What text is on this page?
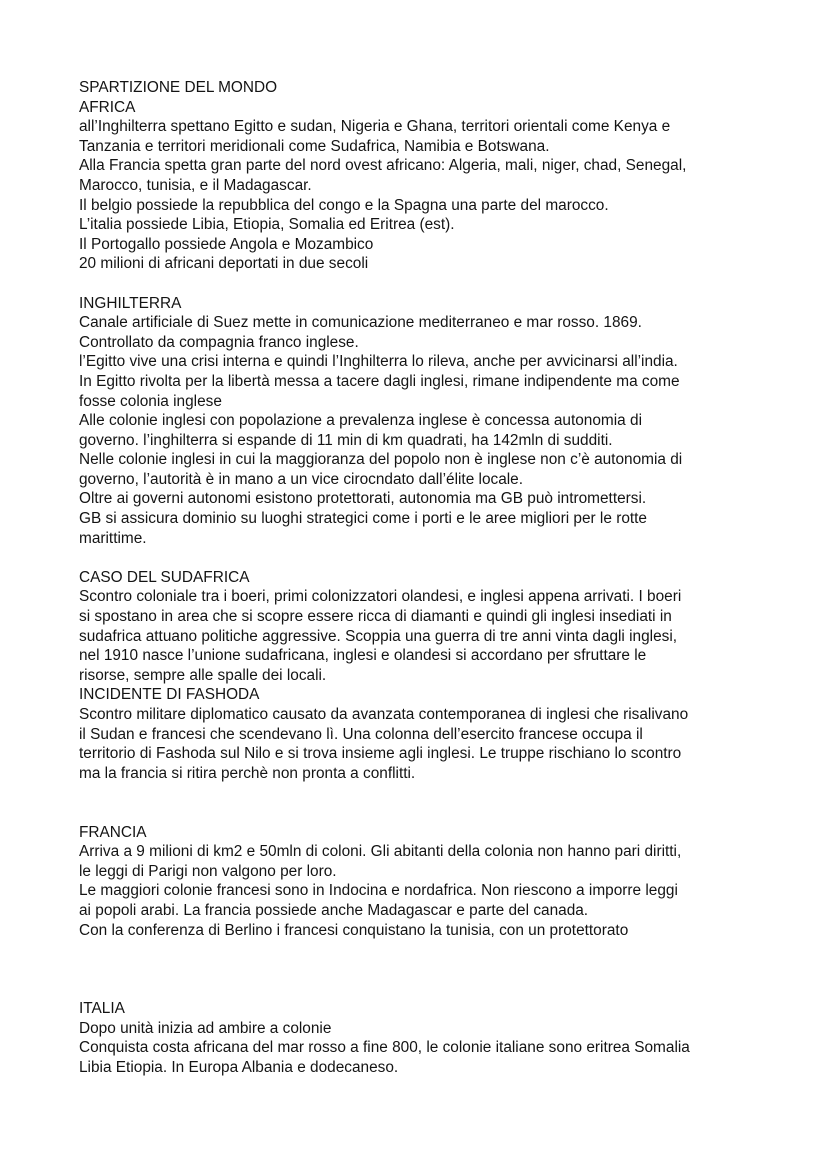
SPARTIZIONE DEL MONDO

AFRICA

all’Inghilterra spettano Egitto e sudan, Nigeria e Ghana, territori orientali come Kenya e

Tanzania e territori meridionali come Sudafrica, Namibia e Botswana.

Alla Francia spetta gran parte del nord ovest africano: Algeria, mali, niger, chad, Senegal,

Marocco, tunisia, e il Madagascar.

Il belgio possiede la repubblica del congo e la Spagna una parte del marocco.

L’italia possiede Libia, Etiopia, Somalia ed Eritrea (est).

Il Portogallo possiede Angola e Mozambico

20 milioni di africani deportati in due secoli

INGHILTERRA

Canale artificiale di Suez mette in comunicazione mediterraneo e mar rosso. 1869.

Controllato da compagnia franco inglese.

l’Egitto vive una crisi interna e quindi l’Inghilterra lo rileva, anche per avvicinarsi all’india.

In Egitto rivolta per la libertà messa a tacere dagli inglesi, rimane indipendente ma come

fosse colonia inglese

Alle colonie inglesi con popolazione a prevalenza inglese è concessa autonomia di

governo. l’inghilterra si espande di 11 min di km quadrati, ha 142mln di sudditi.

Nelle colonie inglesi in cui la maggioranza del popolo non è inglese non c’è autonomia di

governo, l’autorità è in mano a un vice cirocndato dall’élite locale.

Oltre ai governi autonomi esistono protettorati, autonomia ma GB può intromettersi.

GB si assicura dominio su luoghi strategici come i porti e le aree migliori per le rotte

marittime.

CASO DEL SUDAFRICA

Scontro coloniale tra i boeri, primi colonizzatori olandesi, e inglesi appena arrivati. I boeri

si spostano in area che si scopre essere ricca di diamanti e quindi gli inglesi insediati in

sudafrica attuano politiche aggressive. Scoppia una guerra di tre anni vinta dagli inglesi,

nel 1910 nasce l’unione sudafricana, inglesi e olandesi si accordano per sfruttare le

risorse, sempre alle spalle dei locali.

INCIDENTE DI FASHODA

Scontro militare diplomatico causato da avanzata contemporanea di inglesi che risalivano

il Sudan e francesi che scendevano lì. Una colonna dell’esercito francese occupa il

territorio di Fashoda sul Nilo e si trova insieme agli inglesi. Le truppe rischiano lo scontro

ma la francia si ritira perchè non pronta a conflitti.

FRANCIA

Arriva a 9 milioni di km2 e 50mln di coloni. Gli abitanti della colonia non hanno pari diritti,

le leggi di Parigi non valgono per loro.

Le maggiori colonie francesi sono in Indocina e nordafrica. Non riescono a imporre leggi

ai popoli arabi. La francia possiede anche Madagascar e parte del canada.

Con la conferenza di Berlino i francesi conquistano la tunisia, con un protettorato

ITALIA

Dopo unità inizia ad ambire a colonie

Conquista costa africana del mar rosso a fine 800, le colonie italiane sono eritrea Somalia

Libia Etiopia. In Europa Albania e dodecaneso.
